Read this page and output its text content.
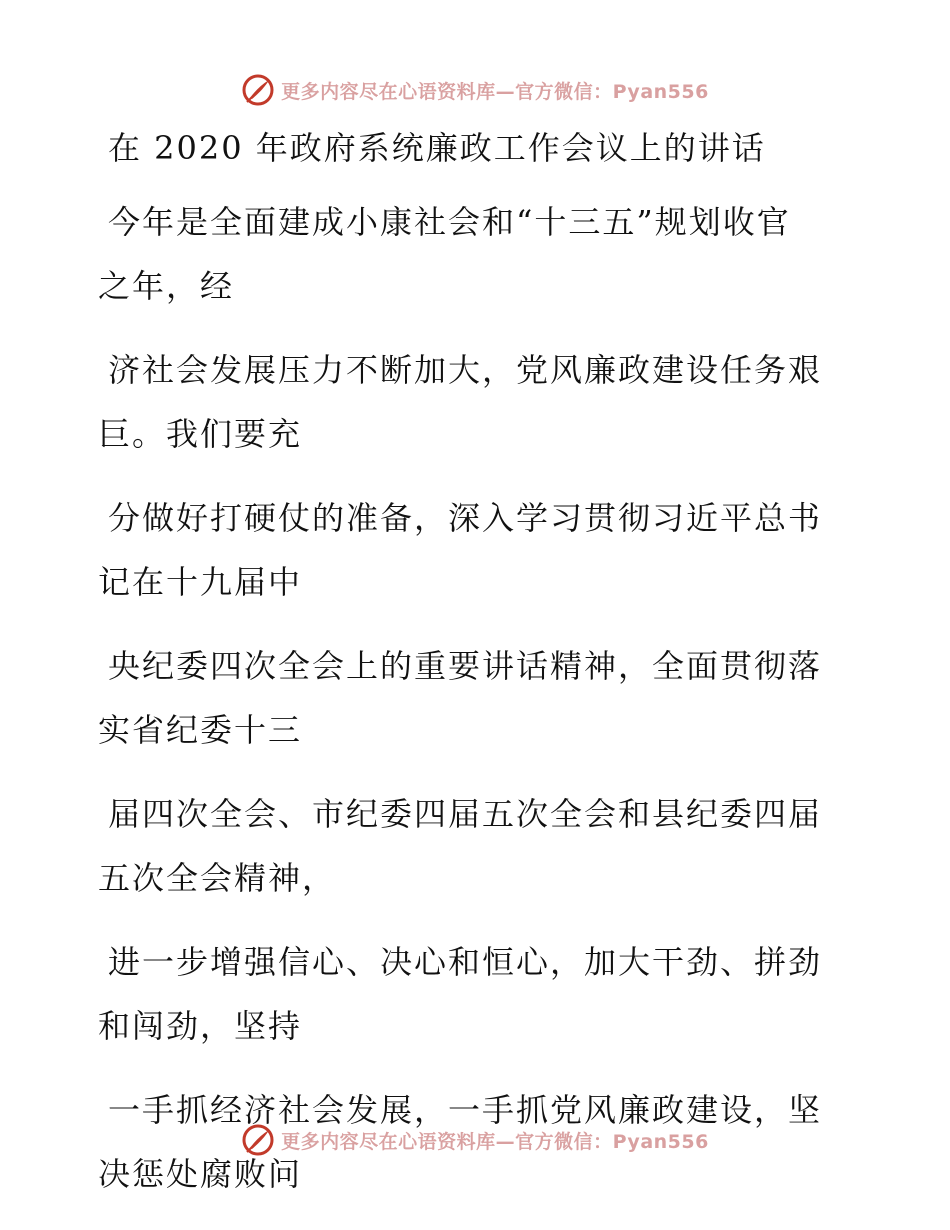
更多内容尽在心语资料库—官方微信：Pyan556
在 2020 年政府系统廉政工作会议上的讲话
今年是全面建成小康社会和“十三五”规划收官
之年，经
济社会发展压力不断加大，党风廉政建设任务艰
巨。我们要充
分做好打硬仗的准备，深入学习贯彻习近平总书
记在十九届中
央纪委四次全会上的重要讲话精神，全面贯彻落
实省纪委十三
届四次全会、市纪委四届五次全会和县纪委四届
五次全会精神，
进一步增强信心、决心和恒心，加大干劲、拼劲
和闯劲，坚持
一手抓经济社会发展，一手抓党风廉政建设，坚
决惩处腐败问
更多内容尽在心语资料库—官方微信：Pyan556
